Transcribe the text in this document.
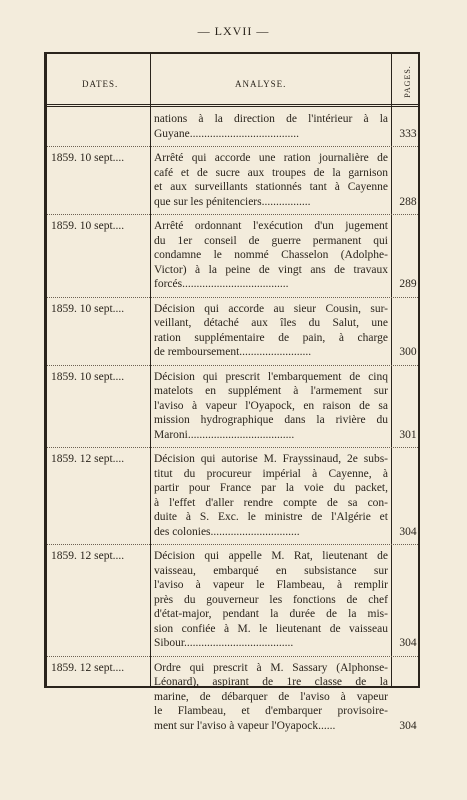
— LXVII —
DATES.	ANALYSE.	PAGES.
nations à la direction de l'intérieur à la
Guyane......................................	333
1859. 10 sept....	Arrêté qui accorde une ration journalière de
café et de sucre aux troupes de la garnison
et aux surveillants stationnés tant à Cayenne
que sur les pénitenciers.................	288
1859. 10 sept....	Arrêté ordonnant l'exécution d'un jugement
du 1er conseil de guerre permanent qui
condamne le nommé Chasselon (Adolphe-
Victor) à la peine de vingt ans de travaux
forcés.....................................	289
1859. 10 sept....	Décision qui accorde au sieur Cousin, sur-
veillant, détaché aux îles du Salut, une
ration supplémentaire de pain, à charge
de remboursement.........................	300
1859. 10 sept....	Décision qui prescrit l'embarquement de cinq
matelots en supplément à l'armement sur
l'aviso à vapeur l'Oyapock, en raison de sa
mission hydrographique dans la rivière du
Maroni.....................................	301
1859. 12 sept....	Décision qui autorise M. Frayssinaud, 2e subs-
titut du procureur impérial à Cayenne, à
partir pour France par la voie du packet,
à l'effet d'aller rendre compte de sa con-
duite à S. Exc. le ministre de l'Algérie et
des colonies...............................	304
1859. 12 sept....	Décision qui appelle M. Rat, lieutenant de
vaisseau, embarqué en subsistance sur
l'aviso à vapeur le Flambeau, à remplir
près du gouverneur les fonctions de chef
d'état-major, pendant la durée de la mis-
sion confiée à M. le lieutenant de vaisseau
Sibour......................................	304
1859. 12 sept....	Ordre qui prescrit à M. Sassary (Alphonse-
Léonard), aspirant de 1re classe de la
marine, de débarquer de l'aviso à vapeur
le Flambeau, et d'embarquer provisoire-
ment sur l'aviso à vapeur l'Oyapock......	304
